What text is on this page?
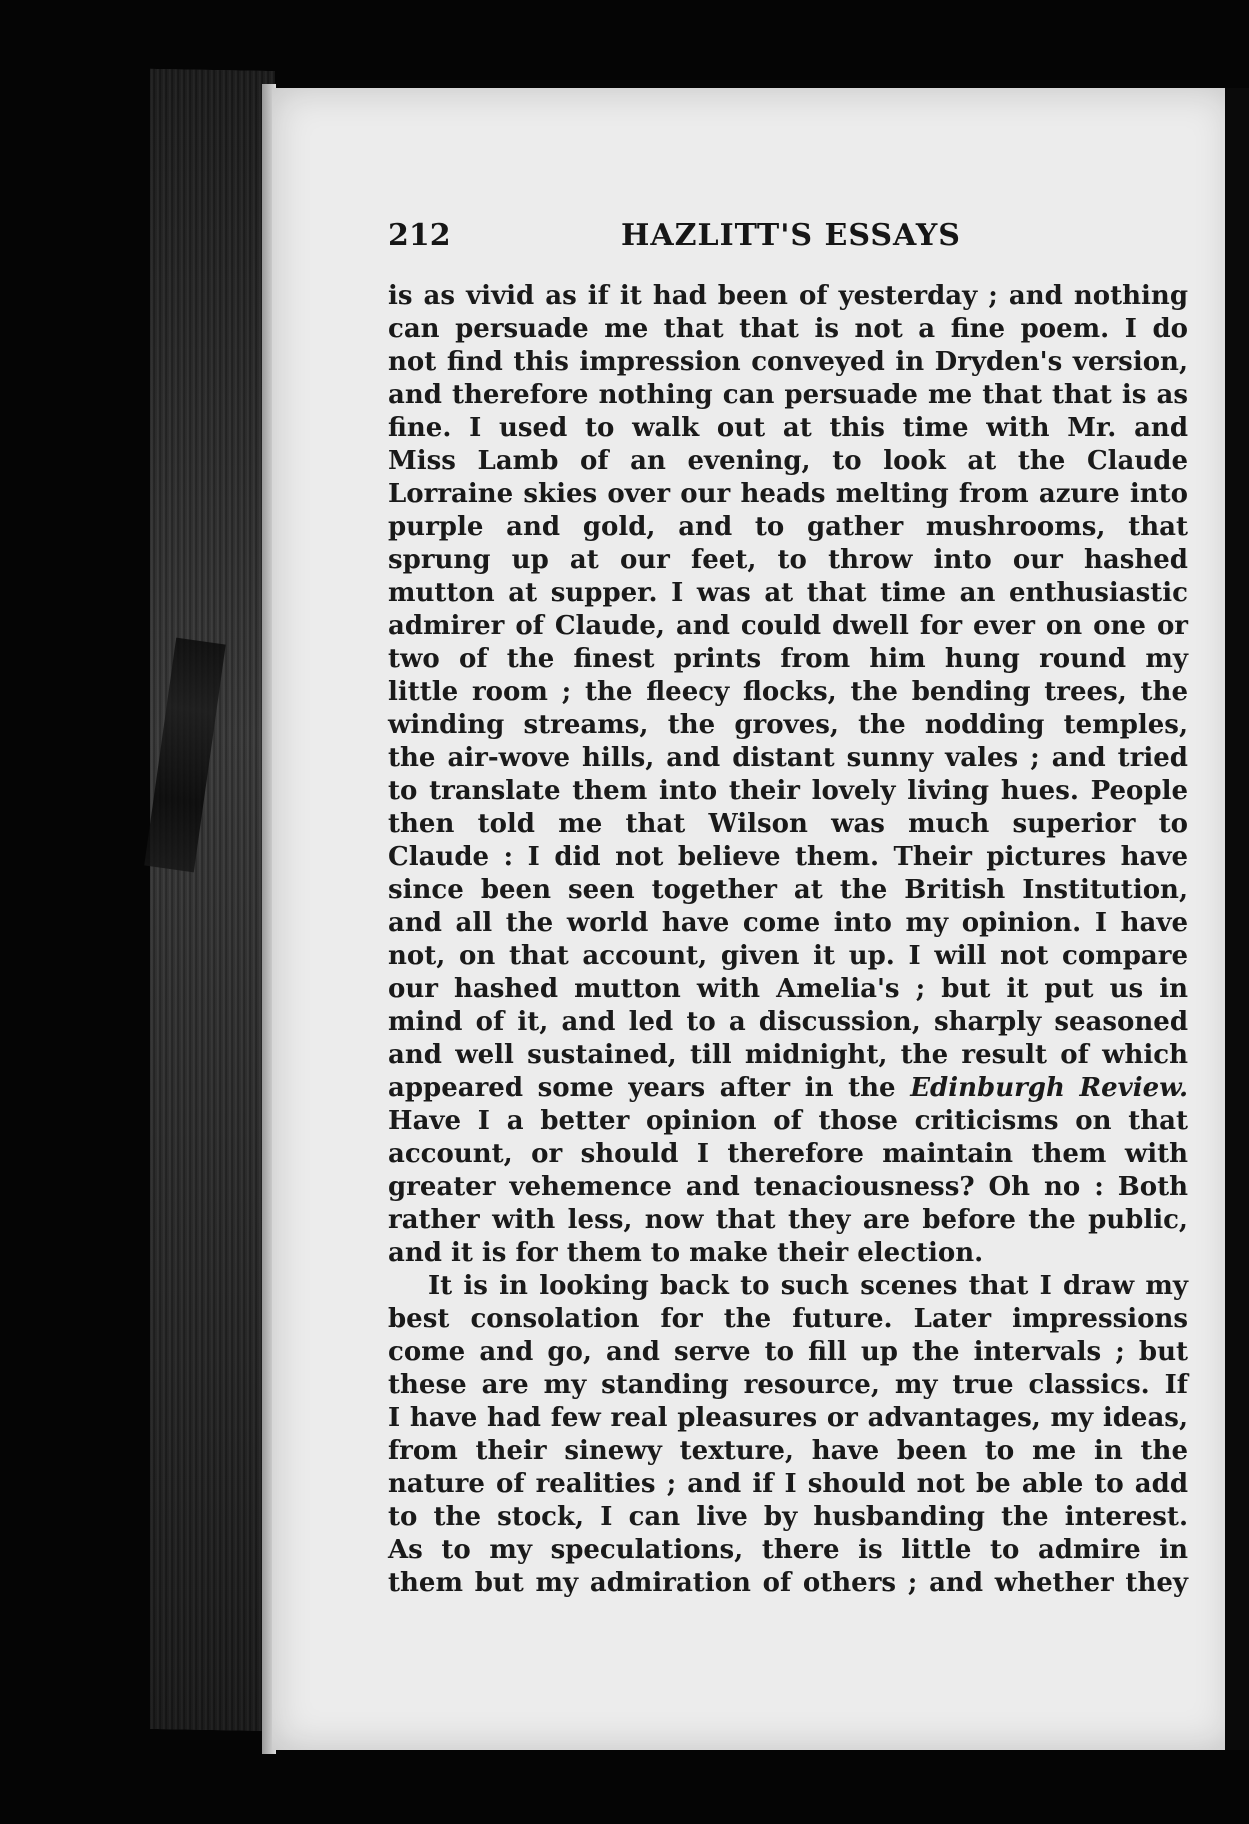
212	HAZLITT'S ESSAYS
is as vivid as if it had been of yesterday ; and nothing
can persuade me that that is not a fine poem. I do
not find this impression conveyed in Dryden's version,
and therefore nothing can persuade me that that is as
fine. I used to walk out at this time with Mr. and
Miss Lamb of an evening, to look at the Claude
Lorraine skies over our heads melting from azure into
purple and gold, and to gather mushrooms, that
sprung up at our feet, to throw into our hashed
mutton at supper. I was at that time an enthusiastic
admirer of Claude, and could dwell for ever on one or
two of the finest prints from him hung round my
little room ; the fleecy flocks, the bending trees, the
winding streams, the groves, the nodding temples,
the air-wove hills, and distant sunny vales ; and tried
to translate them into their lovely living hues. People
then told me that Wilson was much superior to
Claude : I did not believe them. Their pictures have
since been seen together at the British Institution,
and all the world have come into my opinion. I have
not, on that account, given it up. I will not compare
our hashed mutton with Amelia's ; but it put us in
mind of it, and led to a discussion, sharply seasoned
and well sustained, till midnight, the result of which
appeared some years after in the Edinburgh Review.
Have I a better opinion of those criticisms on that
account, or should I therefore maintain them with
greater vehemence and tenaciousness? Oh no : Both
rather with less, now that they are before the public,
and it is for them to make their election.
It is in looking back to such scenes that I draw my
best consolation for the future. Later impressions
come and go, and serve to fill up the intervals ; but
these are my standing resource, my true classics. If
I have had few real pleasures or advantages, my ideas,
from their sinewy texture, have been to me in the
nature of realities ; and if I should not be able to add
to the stock, I can live by husbanding the interest.
As to my speculations, there is little to admire in
them but my admiration of others ; and whether they
